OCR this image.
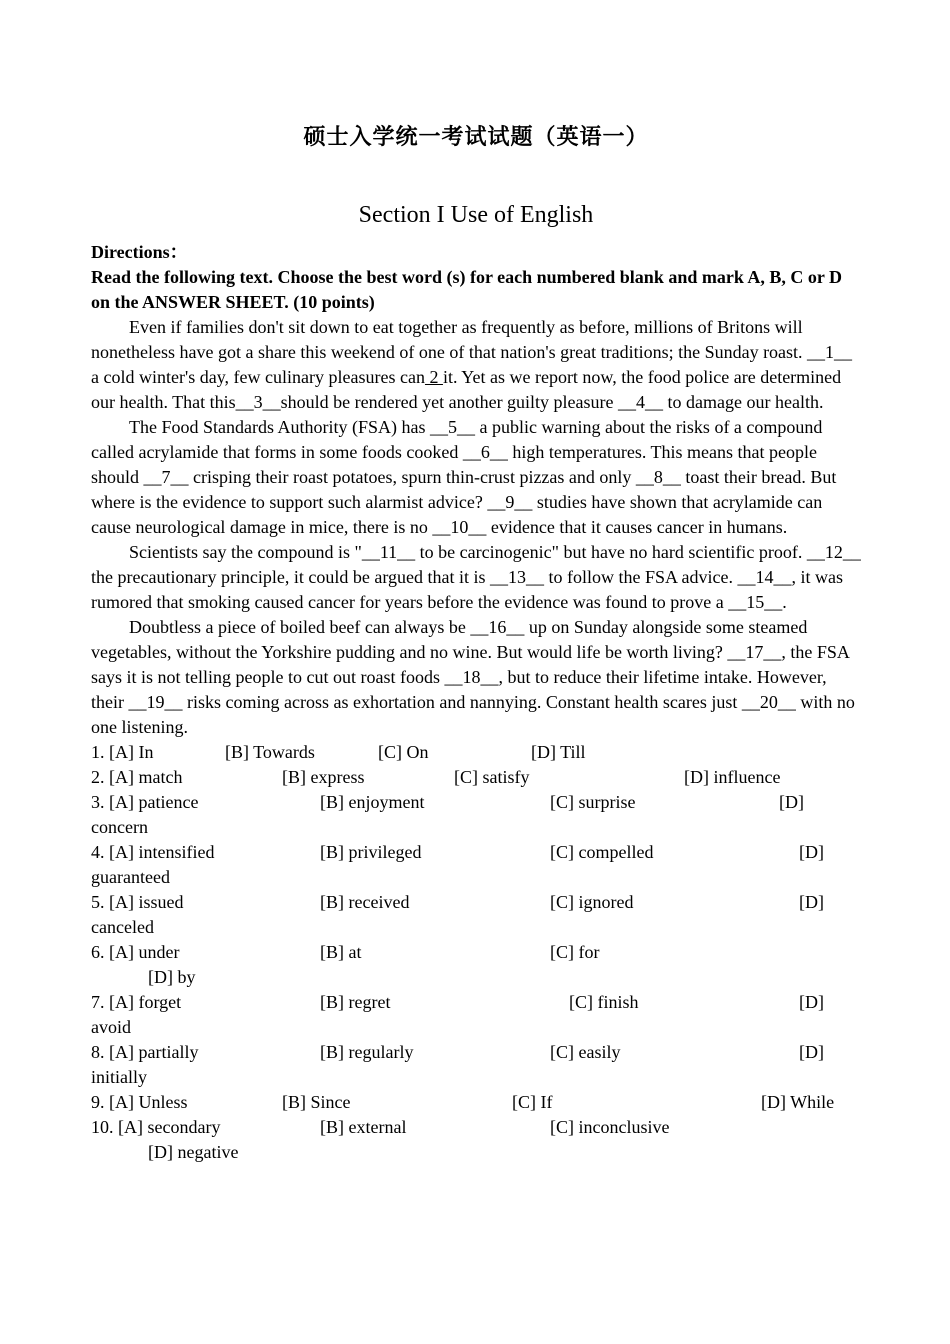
硕士入学统一考试试题（英语一）
Section I Use of English

Directions：

Read the following text. Choose the best word (s) for each numbered blank and mark A, B, C or D on the ANSWER SHEET. (10 points)

Even if families don't sit down to eat together as frequently as before, millions of Britons will nonetheless have got a share this weekend of one of that nation's great traditions; the Sunday roast. __1__ a cold winter's day, few culinary pleasures can 2 it. Yet as we report now, the food police are determined our health. That this__3__should be rendered yet another guilty pleasure __4__ to damage our health.

The Food Standards Authority (FSA) has __5__ a public warning about the risks of a compound called acrylamide that forms in some foods cooked __6__ high temperatures. This means that people should __7__ crisping their roast potatoes, spurn thin-crust pizzas and only __8__ toast their bread. But where is the evidence to support such alarmist advice? __9__ studies have shown that acrylamide can cause neurological damage in mice, there is no __10__ evidence that it causes cancer in humans.

Scientists say the compound is "__11__ to be carcinogenic" but have no hard scientific proof. __12__ the precautionary principle, it could be argued that it is __13__ to follow the FSA advice. __14__, it was rumored that smoking caused cancer for years before the evidence was found to prove a __15__.

Doubtless a piece of boiled beef can always be __16__ up on Sunday alongside some steamed vegetables, without the Yorkshire pudding and no wine. But would life be worth living? __17__, the FSA says it is not telling people to cut out roast foods __18__, but to reduce their lifetime intake. However, their __19__ risks coming across as exhortation and nannying. Constant health scares just __20__ with no one listening.

1. [A] In	[B] Towards	[C] On	[D] Till
2. [A] match	[B] express	[C] satisfy	[D] influence
3. [A] patience	[B] enjoyment	[C] surprise	[D]
concern
4. [A] intensified	[B] privileged	[C] compelled	[D]
guaranteed
5. [A] issued	[B] received	[C] ignored	[D]
canceled
6. [A] under	[B] at	[C] for
[D] by
7. [A] forget	[B] regret	[C] finish	[D]
avoid
8. [A] partially	[B] regularly	[C] easily	[D]
initially
9. [A] Unless	[B] Since	[C] If	[D] While
10. [A] secondary	[B] external	[C] inconclusive
[D] negative
